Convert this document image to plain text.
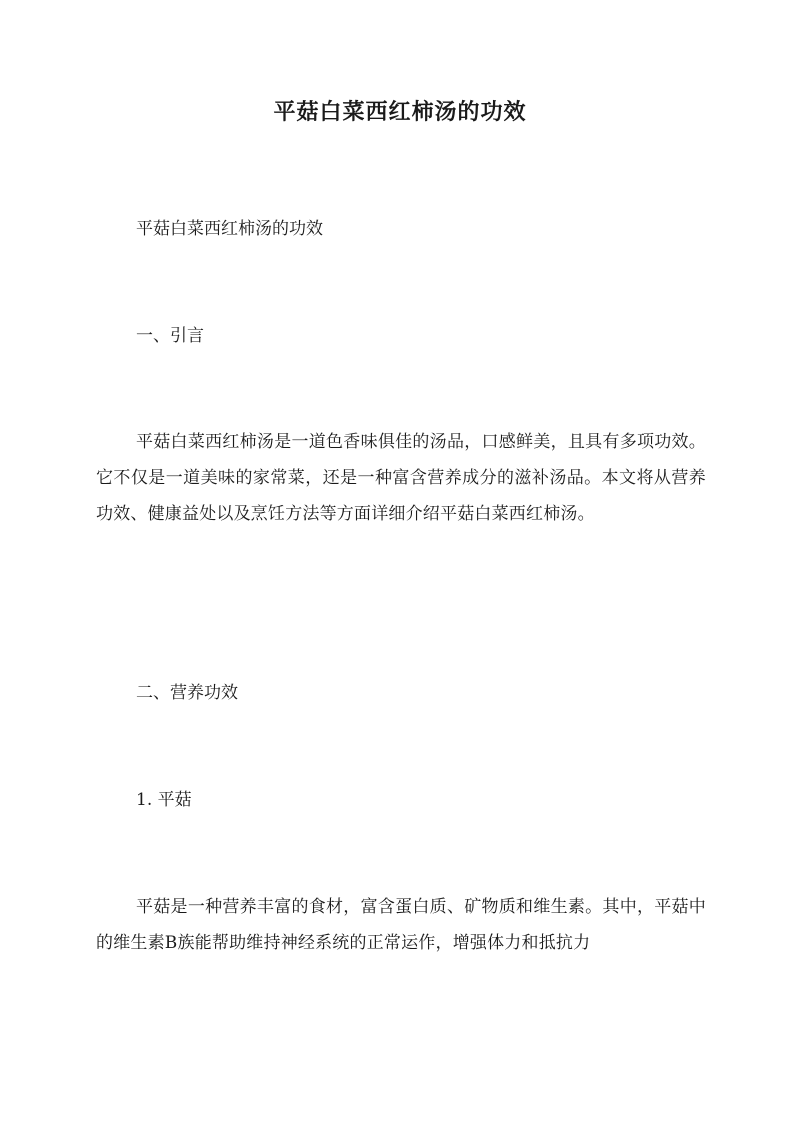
平菇白菜西红柿汤的功效

平菇白菜西红柿汤的功效

一、引言

平菇白菜西红柿汤是一道色香味俱佳的汤品，口感鲜美，且具有多项功效。它不仅是一道美味的家常菜，还是一种富含营养成分的滋补汤品。本文将从营养功效、健康益处以及烹饪方法等方面详细介绍平菇白菜西红柿汤。

二、营养功效
1. 平菇

平菇是一种营养丰富的食材，富含蛋白质、矿物质和维生素。其中，平菇中的维生素B族能帮助维持神经系统的正常运作，增强体力和抵抗力
